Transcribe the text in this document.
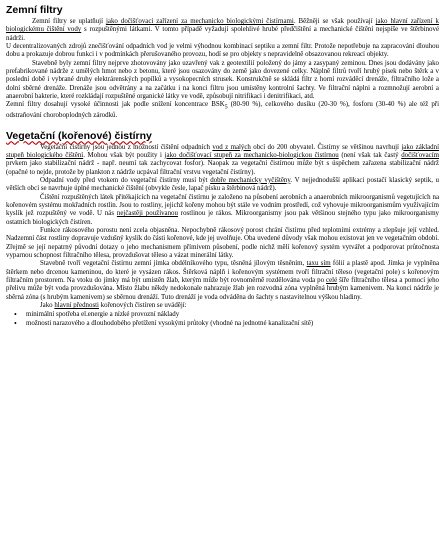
Zemní filtry

Zemní filtry se uplatňují jako dočišťovací zařízení za mechanicko biologickými čistírnami. Běžněji se však používají jako hlavní zařízení k biologickému čištění vody s rozpuštěnými látkami. V tomto případě vyžadují spolehlivé hrubé předčištění a mechanické čištění nejspíše ve štěrbinové nádrži.

U decentralizovaných zdrojů znečišťování odpadních vod je velmi výhodnou kombinací septiku a zemní filtr. Protože nepotřebuje na zapracování dlouhou dobu a prokazuje dobrou funkci i v podmínkách přerušovaného provozu, hodí se pro objekty s nepravidelně obsazovanou rekreací objekty.

Stavebně byly zemní filtry nejprve zhotovovány jako uzavřený vak z geotextilií položený do jámy a zasypaný zeminou. Dnes jsou dodávány jako prefabrikované nádrže z umělých hmot nebo z betonu, které jsou osazovány do země jako dovezené celky. Náplně filtrů tvoří hrubý písek nebo štěrk a v poslední době i vybrané druhy elektrárenských popílků a vysokopecních strusek. Konstrukčně se skládá filtr z horní rozváděcí drenáže, filtračního lože a dolní sběrné drenáže. Drenáže jsou odvětrány a na začátku i na konci filtru jsou umístěny kontrolní šachty. Ve filtrační náplni a rozmnožují aerobní a anaerobní bakterie, které rozkládají rozpuštěné organické látky ve vodě, způsobují nitrifikaci i denitrifikaci, atd.

Zemní filtry dosahují vysoké účinnosti jak podle snížení koncentrace $BSK_5$ (80-90 %), celkového dusíku (20-30 %), fosforu (30-40 %) ale též při odstraňování choroboplodných zárodků.

Vegetační (kořenové) čistírny

Vegetační čistírny jsou jednou z možností čištění odpadních vod z malých obcí do 200 obyvatel. Čistírny se většinou navrhují jako základní stupeň biologického čištění. Mohou však být použity i jako dočišťovací stupeň za mechanicko-biologickou čistírnou (není však tak častý dočišťovacím prvkem jako stabilizační nádrž - např. neumí tak zachycovat fosfor). Naopak za vegetační čistírnou může být s úspěchem zařazena stabilizační nádrž (opačné to nejde, protože by plankton z nádrže ucpával filtrační vrstvu vegetační čistírny).

Odpadní vody před vtokem do vegetační čistírny musí být dobře mechanicky vyčištěny. V nejjednodušší aplikaci postačí klasický septik, u větších obcí se navrhuje úplné mechanické čištění (obvykle česle, lapač písku a štěrbinová nádrž).

Čištění rozpuštěných látek přitékajících na vegetační čistírnu je založeno na působení aerobních a anaerobních mikroorganismů vegetujících na kořenovém systému mokřadních rostlin. Jsou to rostliny, jejichž kořeny mohou být stále ve vodním prostředí, což vyhovuje mikroorganismům využívajícím kyslík jež rozpuštěný ve vodě. U nás nejčastěji používanou rostlinou je rákos. Mikroorganismy jsou pak většinou stejného typu jako mikroorganismy ostatních biologických čistíren.

Funkce rákosového porostu není zcela objasněna. Nepochybně rákosový porost chrání čistírnu před teplotními extrémy a zlepšuje její vzhled. Nadzemní část rostliny dopravuje vzdušný kyslík do části kořenové, kde jej uvolňuje. Oba uvedené důvody však mohou existovat jen ve vegetačním období. Zřejmě se její nepatrný původní dotazy o jeho mechanismem přímivem působení, podle nichž mělí kořenový systém vytvářet a podporovat průtočnosta vyparnou schopnost filtračního tělesa, provzdušovat těleso a vázat minerální látky.

Stavebně tvoří vegetační čistírnu zemní jímka obdélníkového typu, těsněná jílovým těsněním, taxu sím fólií a plastě apod. Jímka je vyplněna štěrkem nebo drcenou kameninou, do které je vysázen rákos. Štěrková náplň i kořenovým systémem tvoří filtrační těleso (vegetační pole) s kořenovým filtračním prostorem. Na vtoku do jímky má být umístěn žlab, kterým může být rovnoměrně rozdělována voda po celé šíře filtračního tělesa a pomocí jeho přelivu může být voda provzdušována. Místo žlabu někdy nedokonale nahrazuje žlab jen rozvodná zóna vyplněná hrubým kamenivem. Na konci nádrže je sběrná zóna (s hrubým kamenivem) se sběrnou drenáží. Tuto drenáží je voda odváděna do šachty s nastavitelnou výškou hladiny.

Jako hlavní přednosti kořenových čistíren se uvádějí:

• minimální spotřeba el.energie a nízké provozní náklady
• možnosti narazového a dlouhodobého přetížení vysokými průtoky (vhodné na jednotné kanalizační sítě)
